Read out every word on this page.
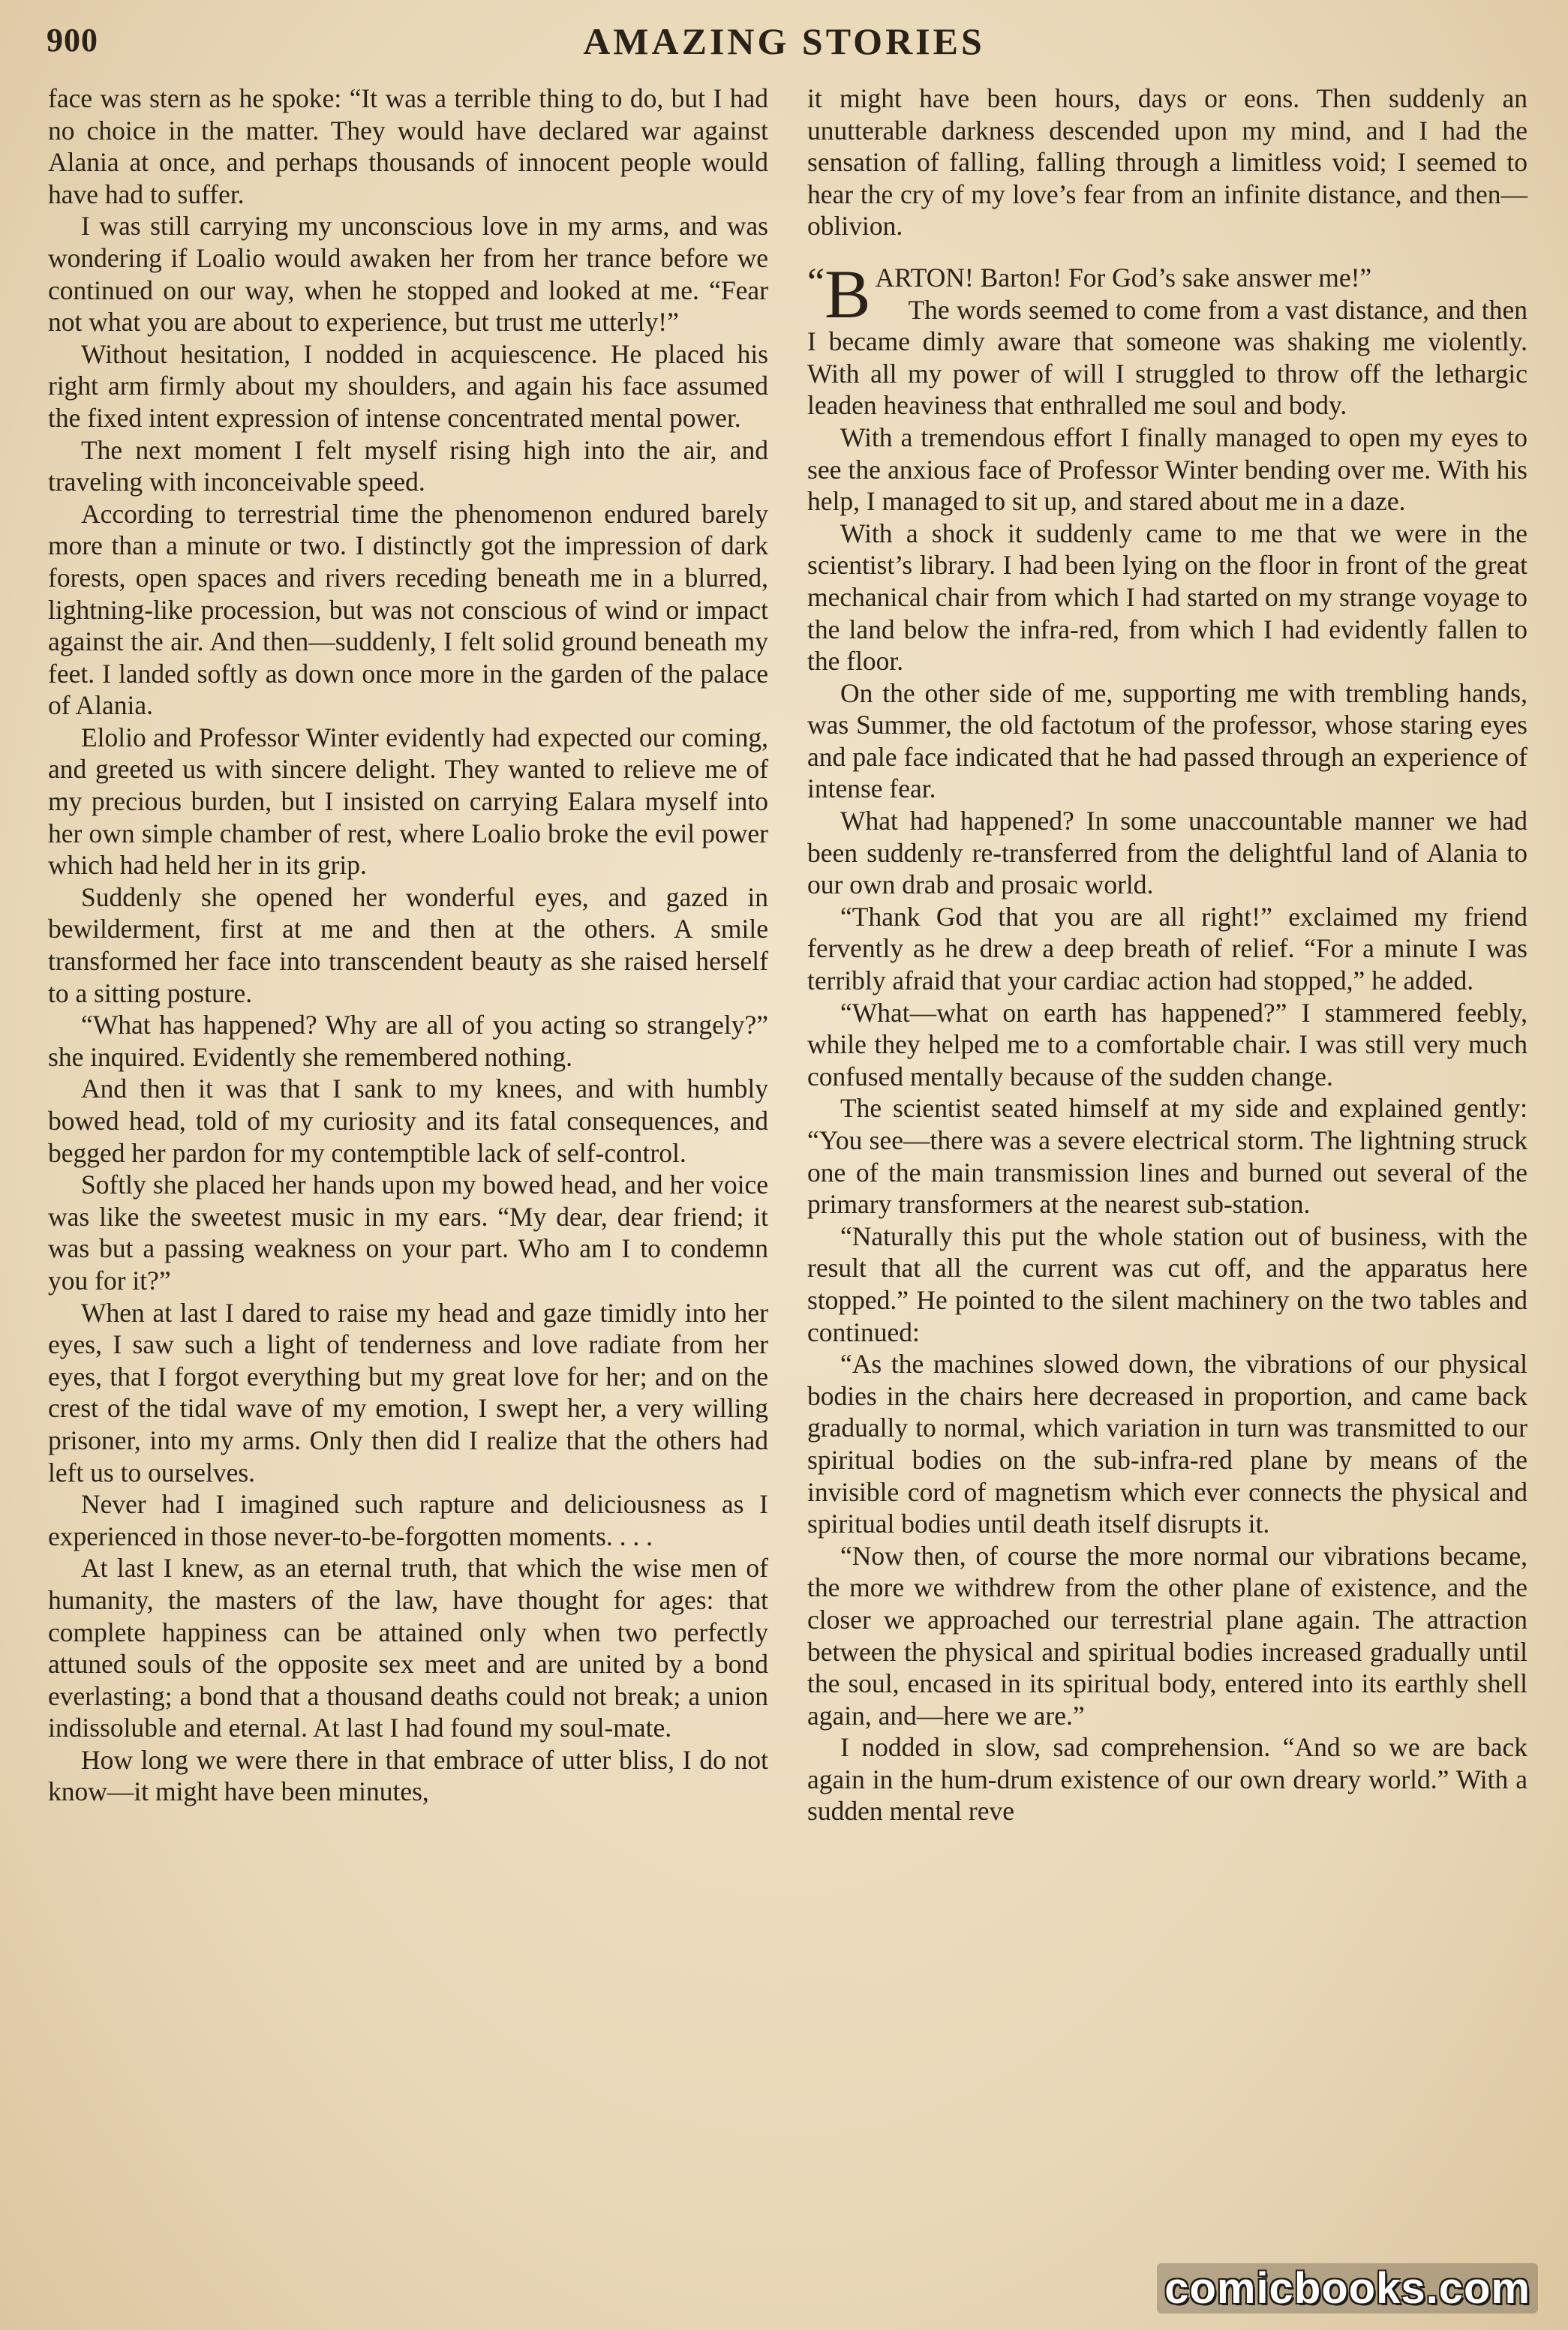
900	AMAZING STORIES

face was stern as he spoke: “It was a terrible thing to do, but I had no choice in the matter. They would have declared war against Alania at once, and perhaps thousands of innocent people would have had to suffer.

I was still carrying my unconscious love in my arms, and was wondering if Loalio would awaken her from her trance before we continued on our way, when he stopped and looked at me. “Fear not what you are about to experience, but trust me utterly!”

Without hesitation, I nodded in acquiescence. He placed his right arm firmly about my shoulders, and again his face assumed the fixed intent expression of intense concentrated mental power.

The next moment I felt myself rising high into the air, and traveling with inconceivable speed.

According to terrestrial time the phenomenon endured barely more than a minute or two. I distinctly got the impression of dark forests, open spaces and rivers receding beneath me in a blurred, lightning-like procession, but was not conscious of wind or impact against the air. And then—suddenly, I felt solid ground beneath my feet. I landed softly as down once more in the garden of the palace of Alania.

Elolio and Professor Winter evidently had expected our coming, and greeted us with sincere delight. They wanted to relieve me of my precious burden, but I insisted on carrying Ealara myself into her own simple chamber of rest, where Loalio broke the evil power which had held her in its grip.

Suddenly she opened her wonderful eyes, and gazed in bewilderment, first at me and then at the others. A smile transformed her face into transcendent beauty as she raised herself to a sitting posture.

“What has happened? Why are all of you acting so strangely?” she inquired. Evidently she remembered nothing.

And then it was that I sank to my knees, and with humbly bowed head, told of my curiosity and its fatal consequences, and begged her pardon for my contemptible lack of self-control.

Softly she placed her hands upon my bowed head, and her voice was like the sweetest music in my ears. “My dear, dear friend; it was but a passing weakness on your part. Who am I to condemn you for it?”

When at last I dared to raise my head and gaze timidly into her eyes, I saw such a light of tenderness and love radiate from her eyes, that I forgot everything but my great love for her; and on the crest of the tidal wave of my emotion, I swept her, a very willing prisoner, into my arms. Only then did I realize that the others had left us to ourselves.

Never had I imagined such rapture and deliciousness as I experienced in those never-to-be-forgotten moments. . . .

At last I knew, as an eternal truth, that which the wise men of humanity, the masters of the law, have thought for ages: that complete happiness can be attained only when two perfectly attuned souls of the opposite sex meet and are united by a bond everlasting; a bond that a thousand deaths could not break; a union indissoluble and eternal. At last I had found my soul-mate.

How long we were there in that embrace of utter bliss, I do not know—it might have been minutes,

it might have been hours, days or eons. Then suddenly an unutterable darkness descended upon my mind, and I had the sensation of falling, falling through a limitless void; I seemed to hear the cry of my love’s fear from an infinite distance, and then—oblivion.

“B ARTON! Barton! For God’s sake answer me!”

The words seemed to come from a vast distance, and then I became dimly aware that someone was shaking me violently. With all my power of will I struggled to throw off the lethargic leaden heaviness that enthralled me soul and body.

With a tremendous effort I finally managed to open my eyes to see the anxious face of Professor Winter bending over me. With his help, I managed to sit up, and stared about me in a daze.

With a shock it suddenly came to me that we were in the scientist’s library. I had been lying on the floor in front of the great mechanical chair from which I had started on my strange voyage to the land below the infra-red, from which I had evidently fallen to the floor.

On the other side of me, supporting me with trembling hands, was Summer, the old factotum of the professor, whose staring eyes and pale face indicated that he had passed through an experience of intense fear.

What had happened? In some unaccountable manner we had been suddenly re-transferred from the delightful land of Alania to our own drab and prosaic world.

“Thank God that you are all right!” exclaimed my friend fervently as he drew a deep breath of relief. “For a minute I was terribly afraid that your cardiac action had stopped,” he added.

“What—what on earth has happened?” I stammered feebly, while they helped me to a comfortable chair. I was still very much confused mentally because of the sudden change.

The scientist seated himself at my side and explained gently: “You see—there was a severe electrical storm. The lightning struck one of the main transmission lines and burned out several of the primary transformers at the nearest sub-station.

“Naturally this put the whole station out of business, with the result that all the current was cut off, and the apparatus here stopped.” He pointed to the silent machinery on the two tables and continued:

“As the machines slowed down, the vibrations of our physical bodies in the chairs here decreased in proportion, and came back gradually to normal, which variation in turn was transmitted to our spiritual bodies on the sub-infra-red plane by means of the invisible cord of magnetism which ever connects the physical and spiritual bodies until death itself disrupts it.

“Now then, of course the more normal our vibrations became, the more we withdrew from the other plane of existence, and the closer we approached our terrestrial plane again. The attraction between the physical and spiritual bodies increased gradually until the soul, encased in its spiritual body, entered into its earthly shell again, and—here we are.”

I nodded in slow, sad comprehension. “And so we are back again in the hum-drum existence of our own dreary world.” With a sudden mental reve

comicbooks.com
